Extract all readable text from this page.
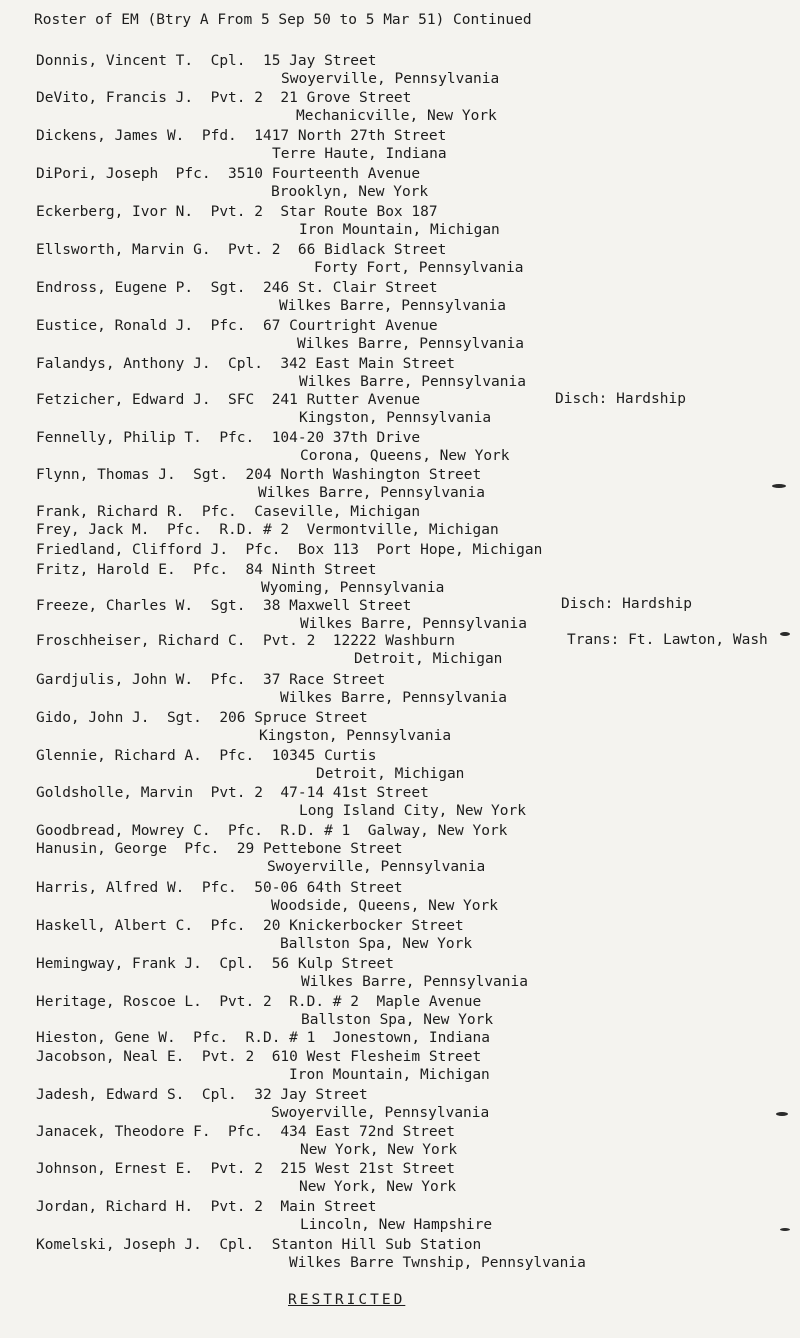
Roster of EM (Btry A From 5 Sep 50 to 5 Mar 51) Continued
Donnis, Vincent T.  Cpl.  15 Jay Street
Swoyerville, Pennsylvania
DeVito, Francis J.  Pvt. 2  21 Grove Street
Mechanicville, New York
Dickens, James W.  Pfd.  1417 North 27th Street
Terre Haute, Indiana
DiPori, Joseph  Pfc.  3510 Fourteenth Avenue
Brooklyn, New York
Eckerberg, Ivor N.  Pvt. 2  Star Route Box 187
Iron Mountain, Michigan
Ellsworth, Marvin G.  Pvt. 2  66 Bidlack Street
Forty Fort, Pennsylvania
Endross, Eugene P.  Sgt.  246 St. Clair Street
Wilkes Barre, Pennsylvania
Eustice, Ronald J.  Pfc.  67 Courtright Avenue
Wilkes Barre, Pennsylvania
Falandys, Anthony J.  Cpl.  342 East Main Street
Wilkes Barre, Pennsylvania
Fetzicher, Edward J.  SFC  241 Rutter Avenue
Kingston, Pennsylvania
Fennelly, Philip T.  Pfc.  104-20 37th Drive
Corona, Queens, New York
Flynn, Thomas J.  Sgt.  204 North Washington Street
Wilkes Barre, Pennsylvania
Frank, Richard R.  Pfc.  Caseville, Michigan
Frey, Jack M.  Pfc.  R.D. # 2  Vermontville, Michigan
Friedland, Clifford J.  Pfc.  Box 113  Port Hope, Michigan
Fritz, Harold E.  Pfc.  84 Ninth Street
Wyoming, Pennsylvania
Freeze, Charles W.  Sgt.  38 Maxwell Street
Wilkes Barre, Pennsylvania
Froschheiser, Richard C.  Pvt. 2  12222 Washburn
Detroit, Michigan
Gardjulis, John W.  Pfc.  37 Race Street
Wilkes Barre, Pennsylvania
Gido, John J.  Sgt.  206 Spruce Street
Kingston, Pennsylvania
Glennie, Richard A.  Pfc.  10345 Curtis
Detroit, Michigan
Goldsholle, Marvin  Pvt. 2  47-14 41st Street
Long Island City, New York
Goodbread, Mowrey C.  Pfc.  R.D. # 1  Galway, New York
Hanusin, George  Pfc.  29 Pettebone Street
Swoyerville, Pennsylvania
Harris, Alfred W.  Pfc.  50-06 64th Street
Woodside, Queens, New York
Haskell, Albert C.  Pfc.  20 Knickerbocker Street
Ballston Spa, New York
Hemingway, Frank J.  Cpl.  56 Kulp Street
Wilkes Barre, Pennsylvania
Heritage, Roscoe L.  Pvt. 2  R.D. # 2  Maple Avenue
Ballston Spa, New York
Hieston, Gene W.  Pfc.  R.D. # 1  Jonestown, Indiana
Jacobson, Neal E.  Pvt. 2  610 West Flesheim Street
Iron Mountain, Michigan
Jadesh, Edward S.  Cpl.  32 Jay Street
Swoyerville, Pennsylvania
Janacek, Theodore F.  Pfc.  434 East 72nd Street
New York, New York
Johnson, Ernest E.  Pvt. 2  215 West 21st Street
New York, New York
Jordan, Richard H.  Pvt. 2  Main Street
Lincoln, New Hampshire
Komelski, Joseph J.  Cpl.  Stanton Hill Sub Station
Wilkes Barre Twnship, Pennsylvania
Disch: Hardship
Disch: Hardship
Trans: Ft. Lawton, Wash
RESTRICTED
